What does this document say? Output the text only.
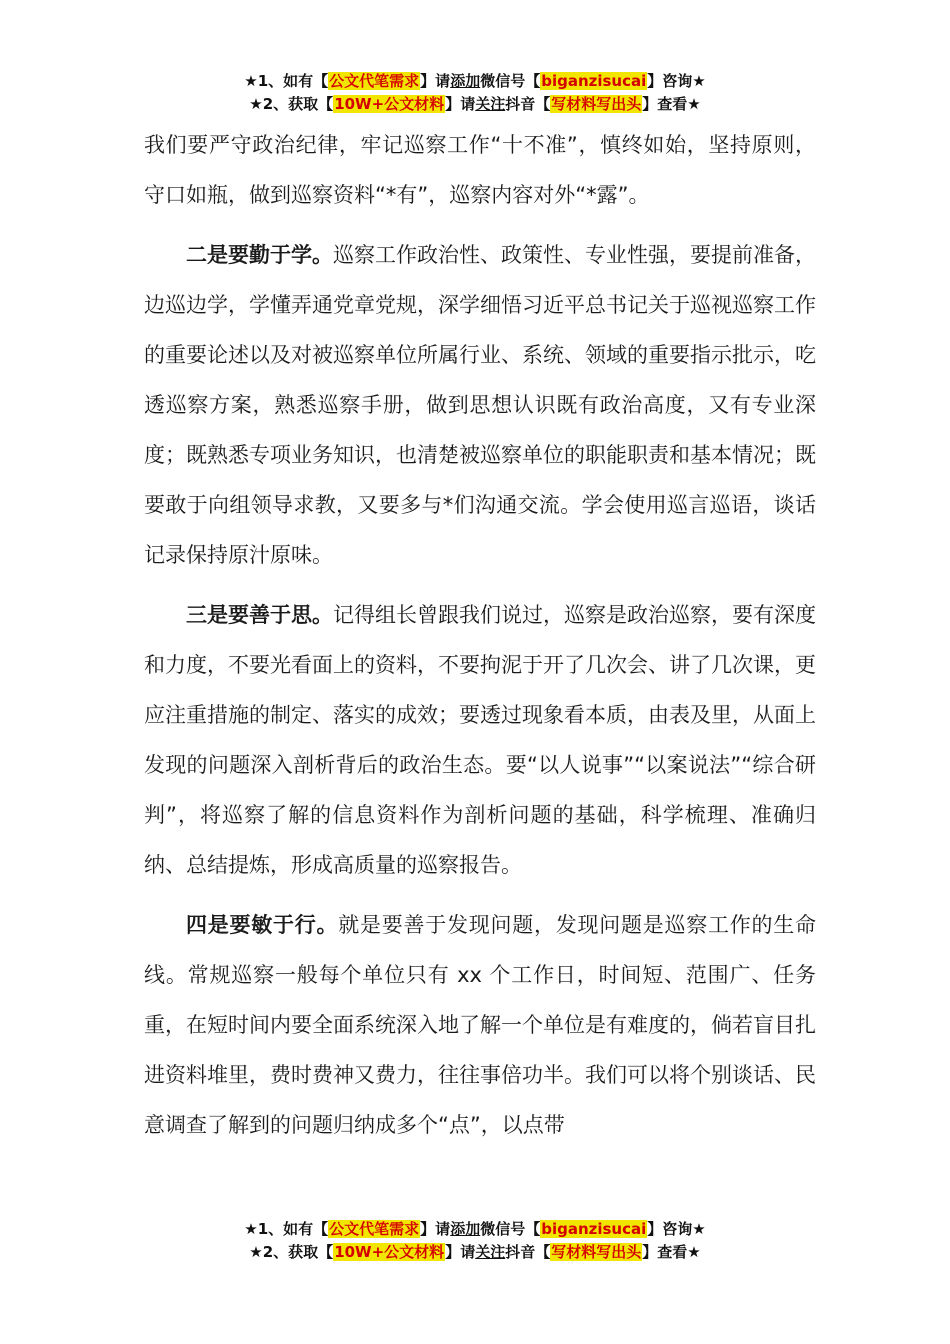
★1、如有【公文代笔需求】请添加微信号【biganzisucai】咨询★
★2、获取【10W+公文材料】请关注抖音【写材料写出头】查看★

我们要严守政治纪律，牢记巡察工作“十不准”，慎终如始，坚持原则，守口如瓶，做到巡察资料“*有”，巡察内容对外“*露”。

二是要勤于学。巡察工作政治性、政策性、专业性强，要提前准备，边巡边学，学懂弄通党章党规，深学细悟习近平总书记关于巡视巡察工作的重要论述以及对被巡察单位所属行业、系统、领域的重要指示批示，吃透巡察方案，熟悉巡察手册，做到思想认识既有政治高度，又有专业深度；既熟悉专项业务知识，也清楚被巡察单位的职能职责和基本情况；既要敢于向组领导求教，又要多与*们沟通交流。学会使用巡言巡语，谈话记录保持原汁原味。

三是要善于思。记得组长曾跟我们说过，巡察是政治巡察，要有深度和力度，不要光看面上的资料，不要拘泥于开了几次会、讲了几次课，更应注重措施的制定、落实的成效；要透过现象看本质，由表及里，从面上发现的问题深入剖析背后的政治生态。要“以人说事”“以案说法”“综合研判”，将巡察了解的信息资料作为剖析问题的基础，科学梳理、准确归纳、总结提炼，形成高质量的巡察报告。

四是要敏于行。就是要善于发现问题，发现问题是巡察工作的生命线。常规巡察一般每个单位只有 xx 个工作日，时间短、范围广、任务重，在短时间内要全面系统深入地了解一个单位是有难度的，倘若盲目扎进资料堆里，费时费神又费力，往往事倍功半。我们可以将个别谈话、民意调查了解到的问题归纳成多个“点”，以点带

★1、如有【公文代笔需求】请添加微信号【biganzisucai】咨询★
★2、获取【10W+公文材料】请关注抖音【写材料写出头】查看★
